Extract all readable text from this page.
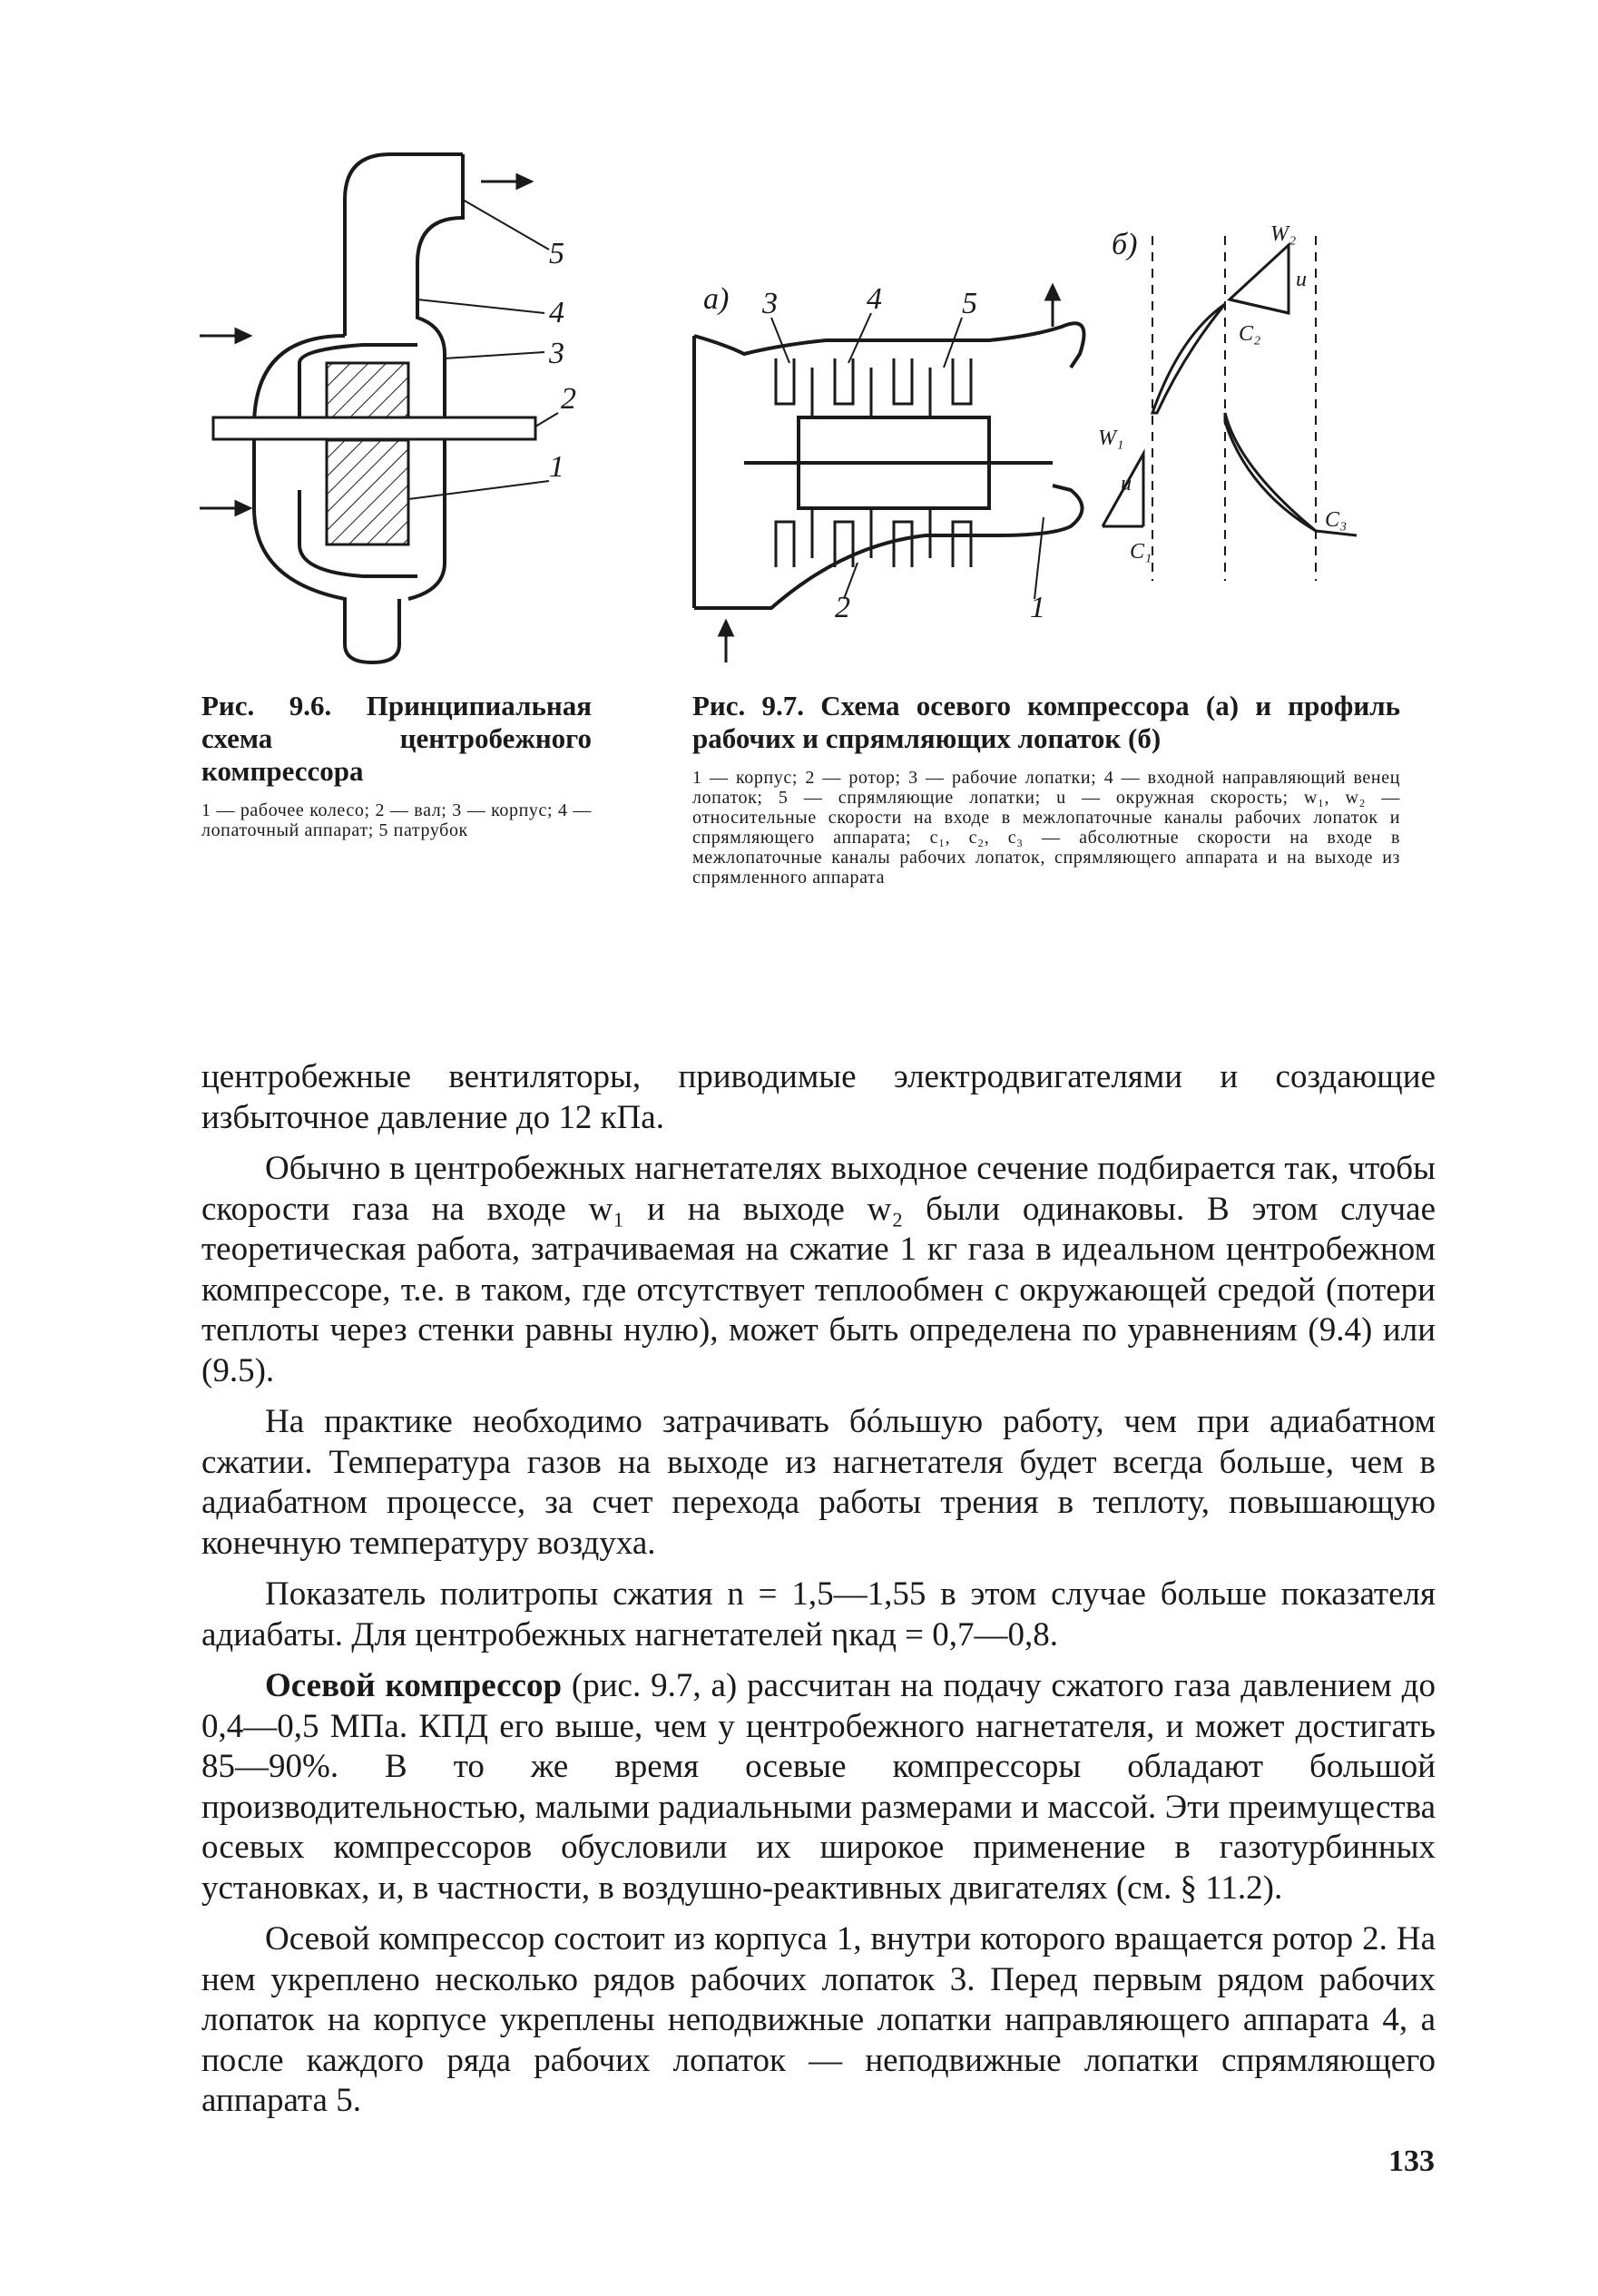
5
4
3
2
1

Рис. 9.6. Принципиальная схема центробежного компрессора

1 — рабочее колесо; 2 — вал; 3 — корпус; 4 — лопаточный аппарат; 5 патрубок
a) 3	4	5
2	1
б)	W₂
u
C₂
W₁
u
C₁
C₃

Рис. 9.7. Схема осевого компрессора (а) и профиль рабочих и спрямляющих лопаток (б)

1 — корпус; 2 — ротор; 3 — рабочие лопатки; 4 — входной направляющий венец лопаток; 5 — спрямляющие лопатки; u — окружная скорость; w₁, w₂ — относительные скорости на входе в межлопаточные каналы рабочих лопаток и спрямляющего аппарата; c₁, c₂, c₃ — абсолютные скорости на входе в межлопаточные каналы рабочих лопаток, спрямляющего аппарата и на выходе из спрямленного аппарата

центробежные вентиляторы, приводимые электродвигателями и создающие избыточное давление до 12 кПа.

Обычно в центробежных нагнетателях выходное сечение подбирается так, чтобы скорости газа на входе w₁ и на выходе w₂ были одинаковы. В этом случае теоретическая работа, затрачиваемая на сжатие 1 кг газа в идеальном центробежном компрессоре, т.е. в таком, где отсутствует теплообмен с окружающей средой (потери теплоты через стенки равны нулю), может быть определена по уравнениям (9.4) или (9.5).

На практике необходимо затрачивать бóльшую работу, чем при адиабатном сжатии. Температура газов на выходе из нагнетателя будет всегда больше, чем в адиабатном процессе, за счет перехода работы трения в теплоту, повышающую конечную температуру воздуха.

Показатель политропы сжатия n = 1,5—1,55 в этом случае больше показателя адиабаты. Для центробежных нагнетателей ηкад = 0,7—0,8.

Осевой компрессор (рис. 9.7, а) рассчитан на подачу сжатого газа давлением до 0,4—0,5 МПа. КПД его выше, чем у центробежного нагнетателя, и может достигать 85—90%. В то же время осевые компрессоры обладают большой производительностью, малыми радиальными размерами и массой. Эти преимущества осевых компрессоров обусловили их широкое применение в газотурбинных установках, и, в частности, в воздушно-реактивных двигателях (см. § 11.2).

Осевой компрессор состоит из корпуса 1, внутри которого вращается ротор 2. На нем укреплено несколько рядов рабочих лопаток 3. Перед первым рядом рабочих лопаток на корпусе укреплены неподвижные лопатки направляющего аппарата 4, а после каждого ряда рабочих лопаток — неподвижные лопатки спрямляющего аппарата 5.

133
